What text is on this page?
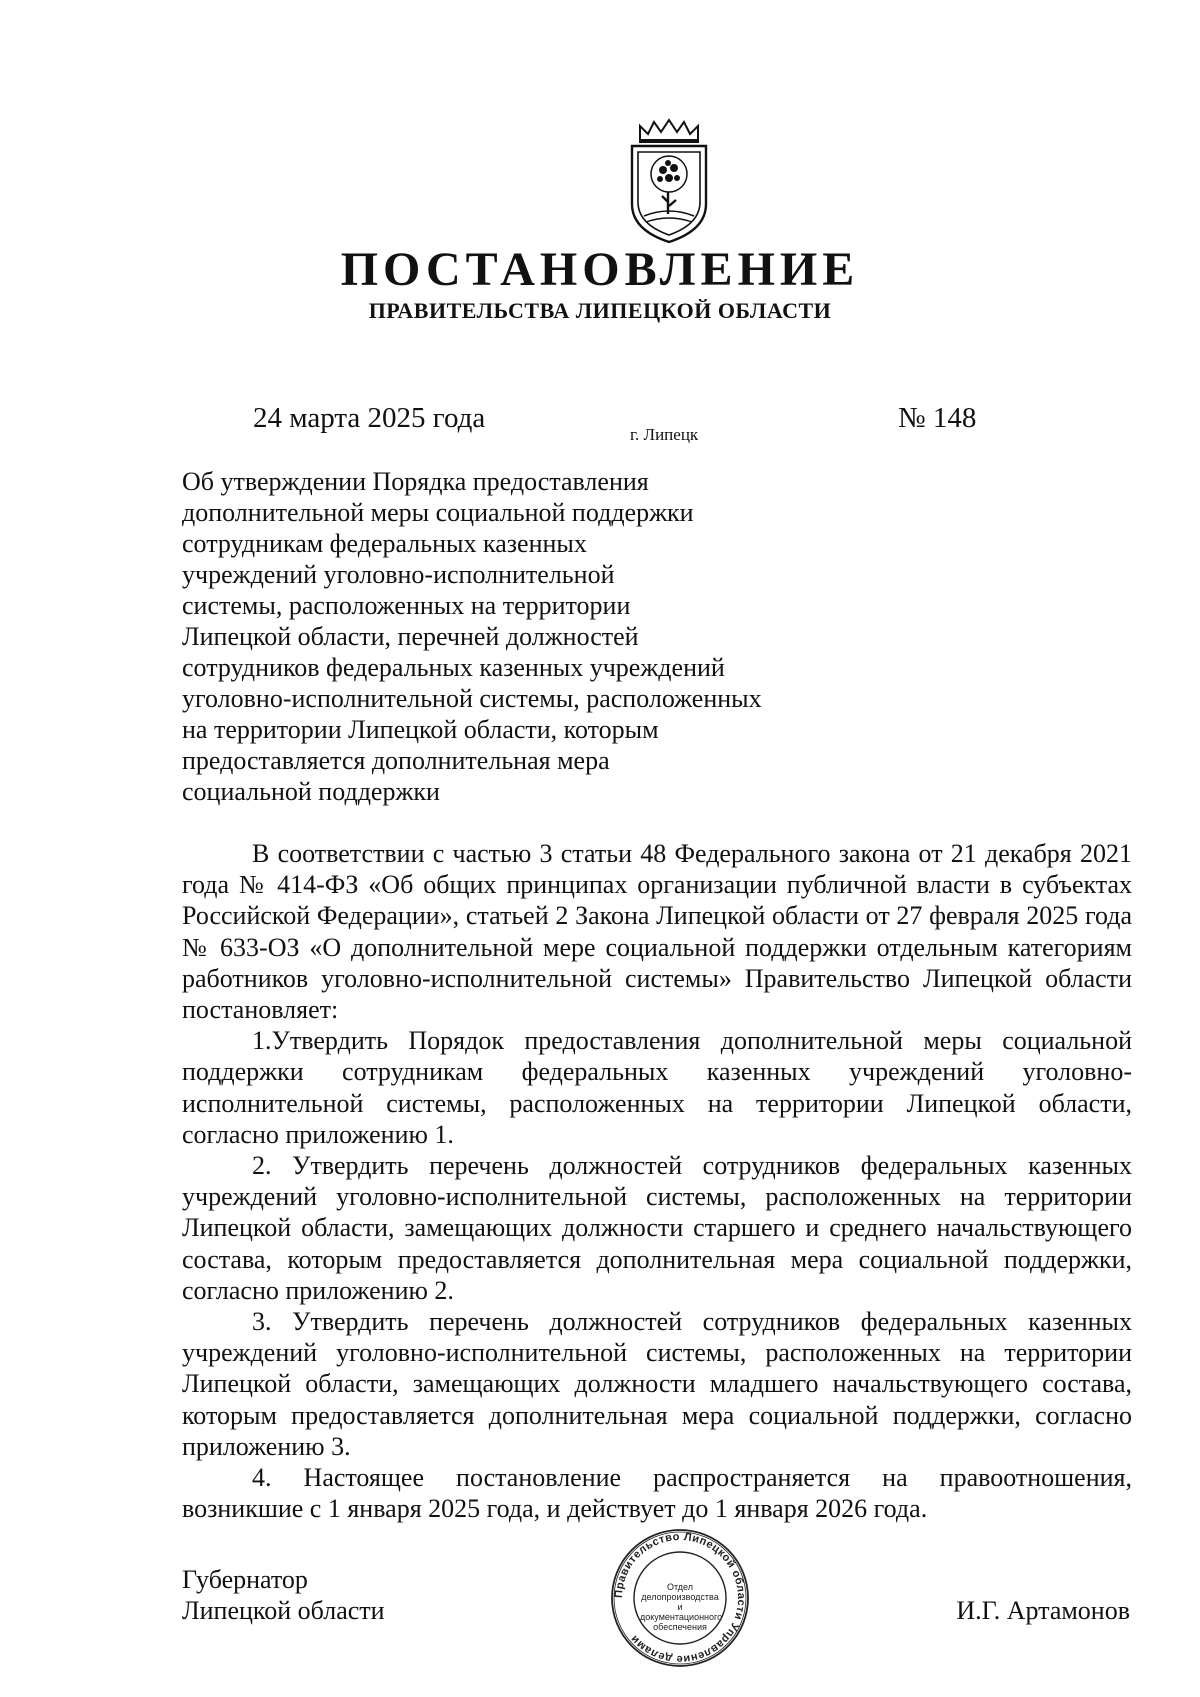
ПОСТАНОВЛЕНИЕ
ПРАВИТЕЛЬСТВА ЛИПЕЦКОЙ ОБЛАСТИ
24 марта 2025 года
г. Липецк
№ 148
Об утверждении Порядка предоставления
дополнительной меры социальной поддержки
сотрудникам федеральных казенных
учреждений уголовно-исполнительной
системы, расположенных на территории
Липецкой области, перечней должностей
сотрудников федеральных казенных учреждений
уголовно-исполнительной системы, расположенных
на территории Липецкой области, которым
предоставляется дополнительная мера
социальной поддержки

В соответствии с частью 3 статьи 48 Федерального закона от 21 декабря 2021 года № 414-ФЗ «Об общих принципах организации публичной власти в субъектах Российской Федерации», статьей 2 Закона Липецкой области от 27 февраля 2025 года № 633-ОЗ «О дополнительной мере социальной поддержки отдельным категориям работников уголовно-исполнительной системы» Правительство Липецкой области постановляет:

1.Утвердить Порядок предоставления дополнительной меры социальной поддержки сотрудникам федеральных казенных учреждений уголовно-исполнительной системы, расположенных на территории Липецкой области, согласно приложению 1.

2. Утвердить перечень должностей сотрудников федеральных казенных учреждений уголовно-исполнительной системы, расположенных на территории Липецкой области, замещающих должности старшего и среднего начальствующего состава, которым предоставляется дополнительная мера социальной поддержки, согласно приложению 2.

3. Утвердить перечень должностей сотрудников федеральных казенных учреждений уголовно-исполнительной системы, расположенных на территории Липецкой области, замещающих должности младшего начальствующего состава, которым предоставляется дополнительная мера социальной поддержки, согласно приложению 3.

4. Настоящее постановление распространяется на правоотношения, возникшие с 1 января 2025 года, и действует до 1 января 2026 года.

Губернатор
Липецкой области
Правительство Липецкой области Управление делами
Отдел
делопроизводства и
документационного
обеспечения
И.Г. Артамонов
